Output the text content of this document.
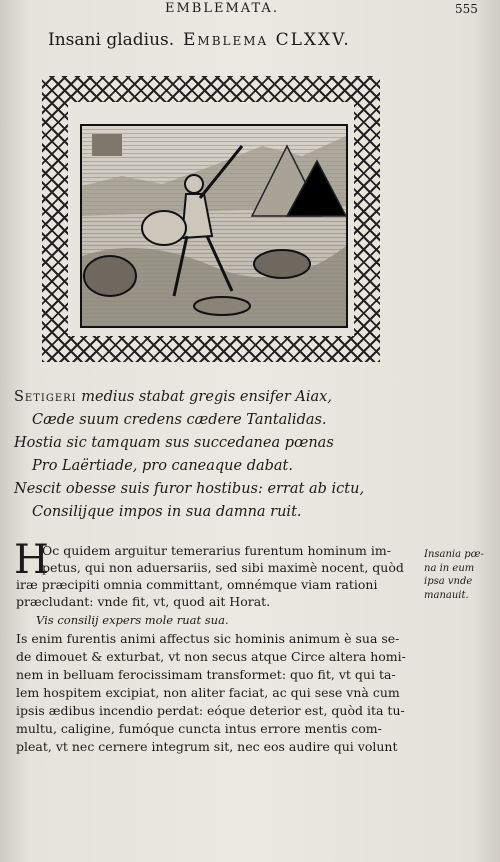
EMBLEMATA.	555
Insani gladius. Emblema CLXXV.
Setigeri medius stabat gregis ensifer Aiax,
Cæde suum credens cædere Tantalidas.
Hostia sic tamquam sus succedanea pœnas
Pro Laërtiade, pro caneaque dabat.
Nescit obesse suis furor hostibus: errat ab ictu,
Consilijque impos in sua damna ruit.
H
Oc quidem arguitur temerarius furentum hominum im-
petus, qui non aduersariis, sed sibi maximè nocent, quòd
iræ præcipiti omnia committant, omnémque viam rationi
præcludant: vnde fit, vt, quod ait Horat.
Vis consilij expers mole ruat sua.
Is enim furentis animi affectus sic hominis animum è sua se-
de dimouet & exturbat, vt non secus atque Circe altera homi-
nem in belluam ferocissimam transformet: quo fit, vt qui ta-
lem hospitem excipiat, non aliter faciat, ac qui sese vnà cum
ipsis ædibus incendio perdat: eóque deterior est, quòd ita tu-
multu, caligine, fumóque cuncta intus errore mentis com-
pleat, vt nec cernere integrum sit, nec eos audire qui volunt
Insania pœ-
na in eum
ipsa vnde
manauit.
